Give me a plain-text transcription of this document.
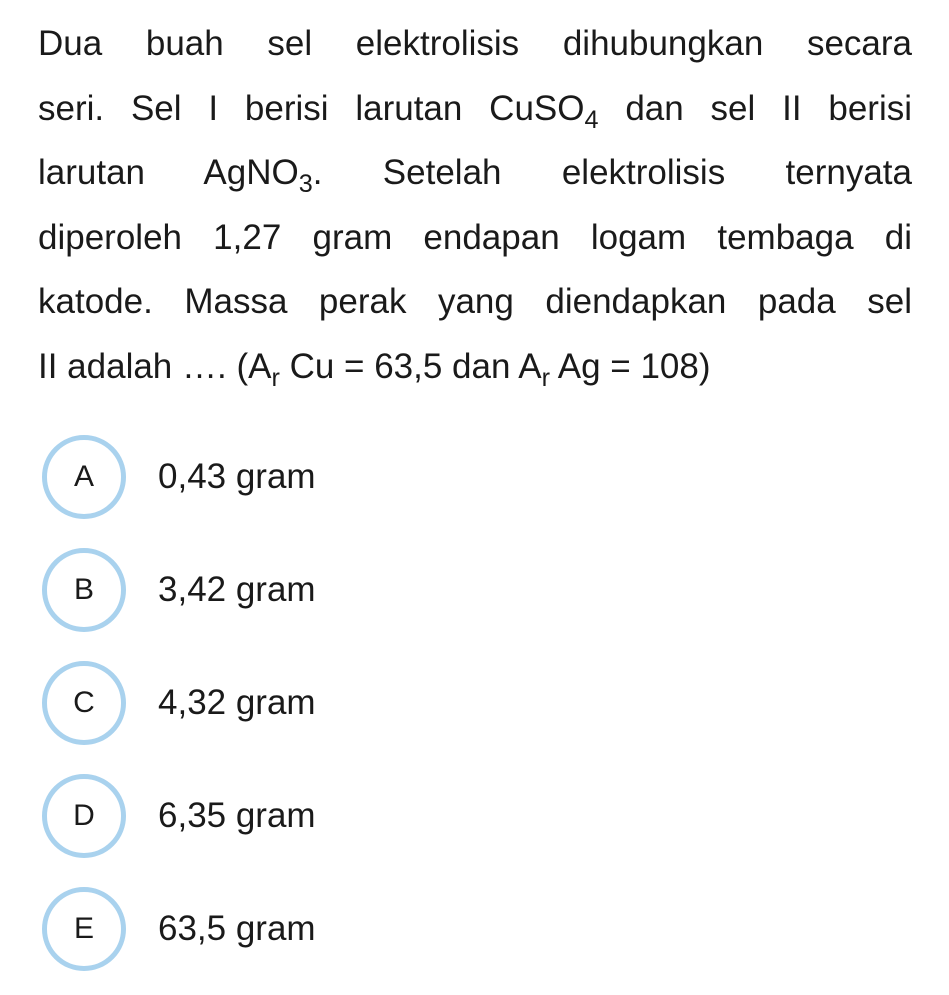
Dua buah sel elektrolisis dihubungkan secara
seri. Sel I berisi larutan CuSO$_4$ dan sel II berisi
larutan AgNO$_3$. Setelah elektrolisis ternyata
diperoleh 1,27 gram endapan logam tembaga di
katode. Massa perak yang diendapkan pada sel
II adalah …. ($A_r$ Cu = 63,5 dan $A_r$ Ag = 108)
A	0,43 gram
B	3,42 gram
C	4,32 gram
D	6,35 gram
E	63,5 gram
